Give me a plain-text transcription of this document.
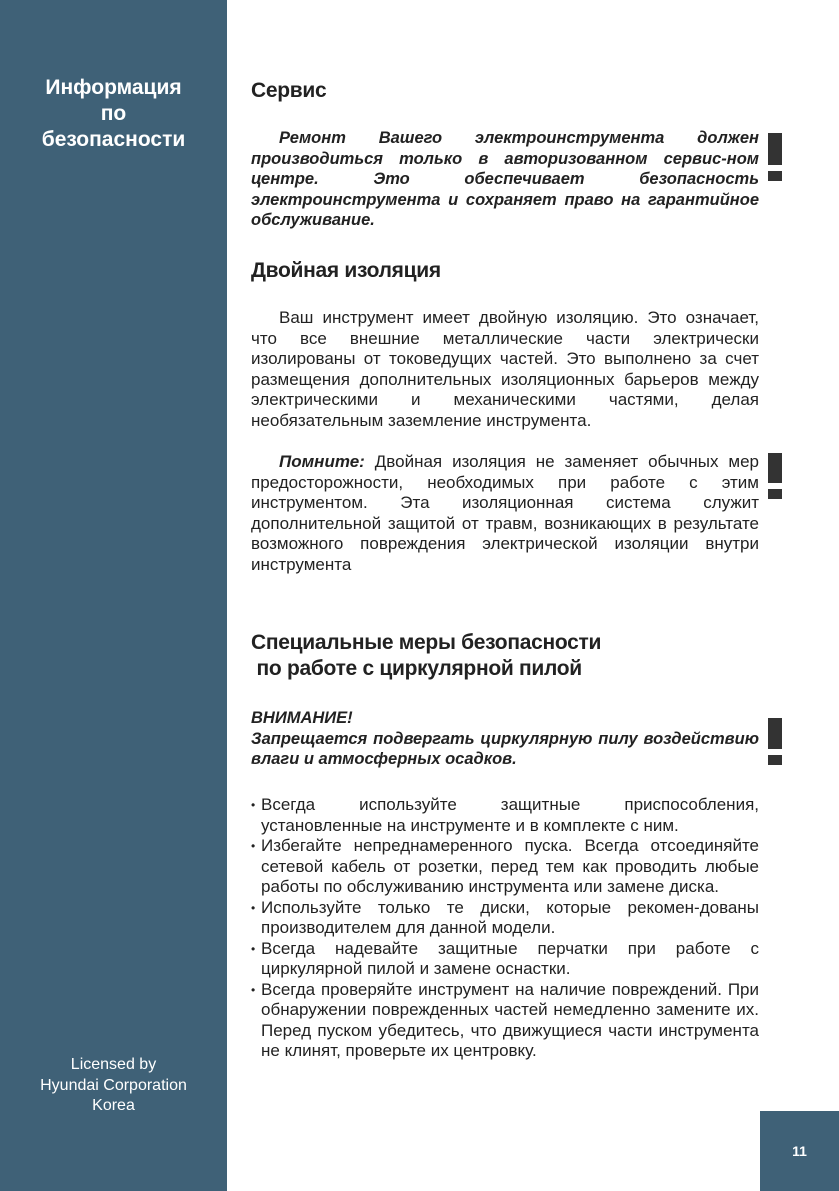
Информация
по
безопасности
Licensed by
Hyundai Corporation
Korea
Сервис

Ремонт Вашего электроинструмента должен производиться только в авторизованном сервис-ном центре. Это обеспечивает безопасность электроинструмента и сохраняет право на гарантийное обслуживание.

Двойная изоляция

Ваш инструмент имеет двойную изоляцию. Это означает, что все внешние металлические части электрически изолированы от токоведущих частей. Это выполнено за счет размещения дополнительных изоляционных барьеров между электрическими и механическими частями, делая необязательным заземление инструмента.

Помните: Двойная изоляция не заменяет обычных мер предосторожности, необходимых при работе с этим инструментом. Эта изоляционная система служит дополнительной защитой от травм, возникающих в результате возможного повреждения электрической изоляции внутри инструмента

Специальные меры безопасности
по работе с циркулярной пилой
ВНИМАНИЕ!

Запрещается подвергать циркулярную пилу воздействию влаги и атмосферных осадков.

• Всегда используйте защитные приспособления, установленные на инструменте и в комплекте с ним.
• Избегайте непреднамеренного пуска. Всегда отсоединяйте сетевой кабель от розетки, перед тем как проводить любые работы по обслуживанию инструмента или замене диска.
• Используйте только те диски, которые рекомен-дованы производителем для данной модели.
• Всегда надевайте защитные перчатки при работе с циркулярной пилой и замене оснастки.
• Всегда проверяйте инструмент на наличие повреждений. При обнаружении поврежденных частей немедленно замените их. Перед пуском убедитесь, что движущиеся части инструмента не клинят, проверьте их центровку.
11
